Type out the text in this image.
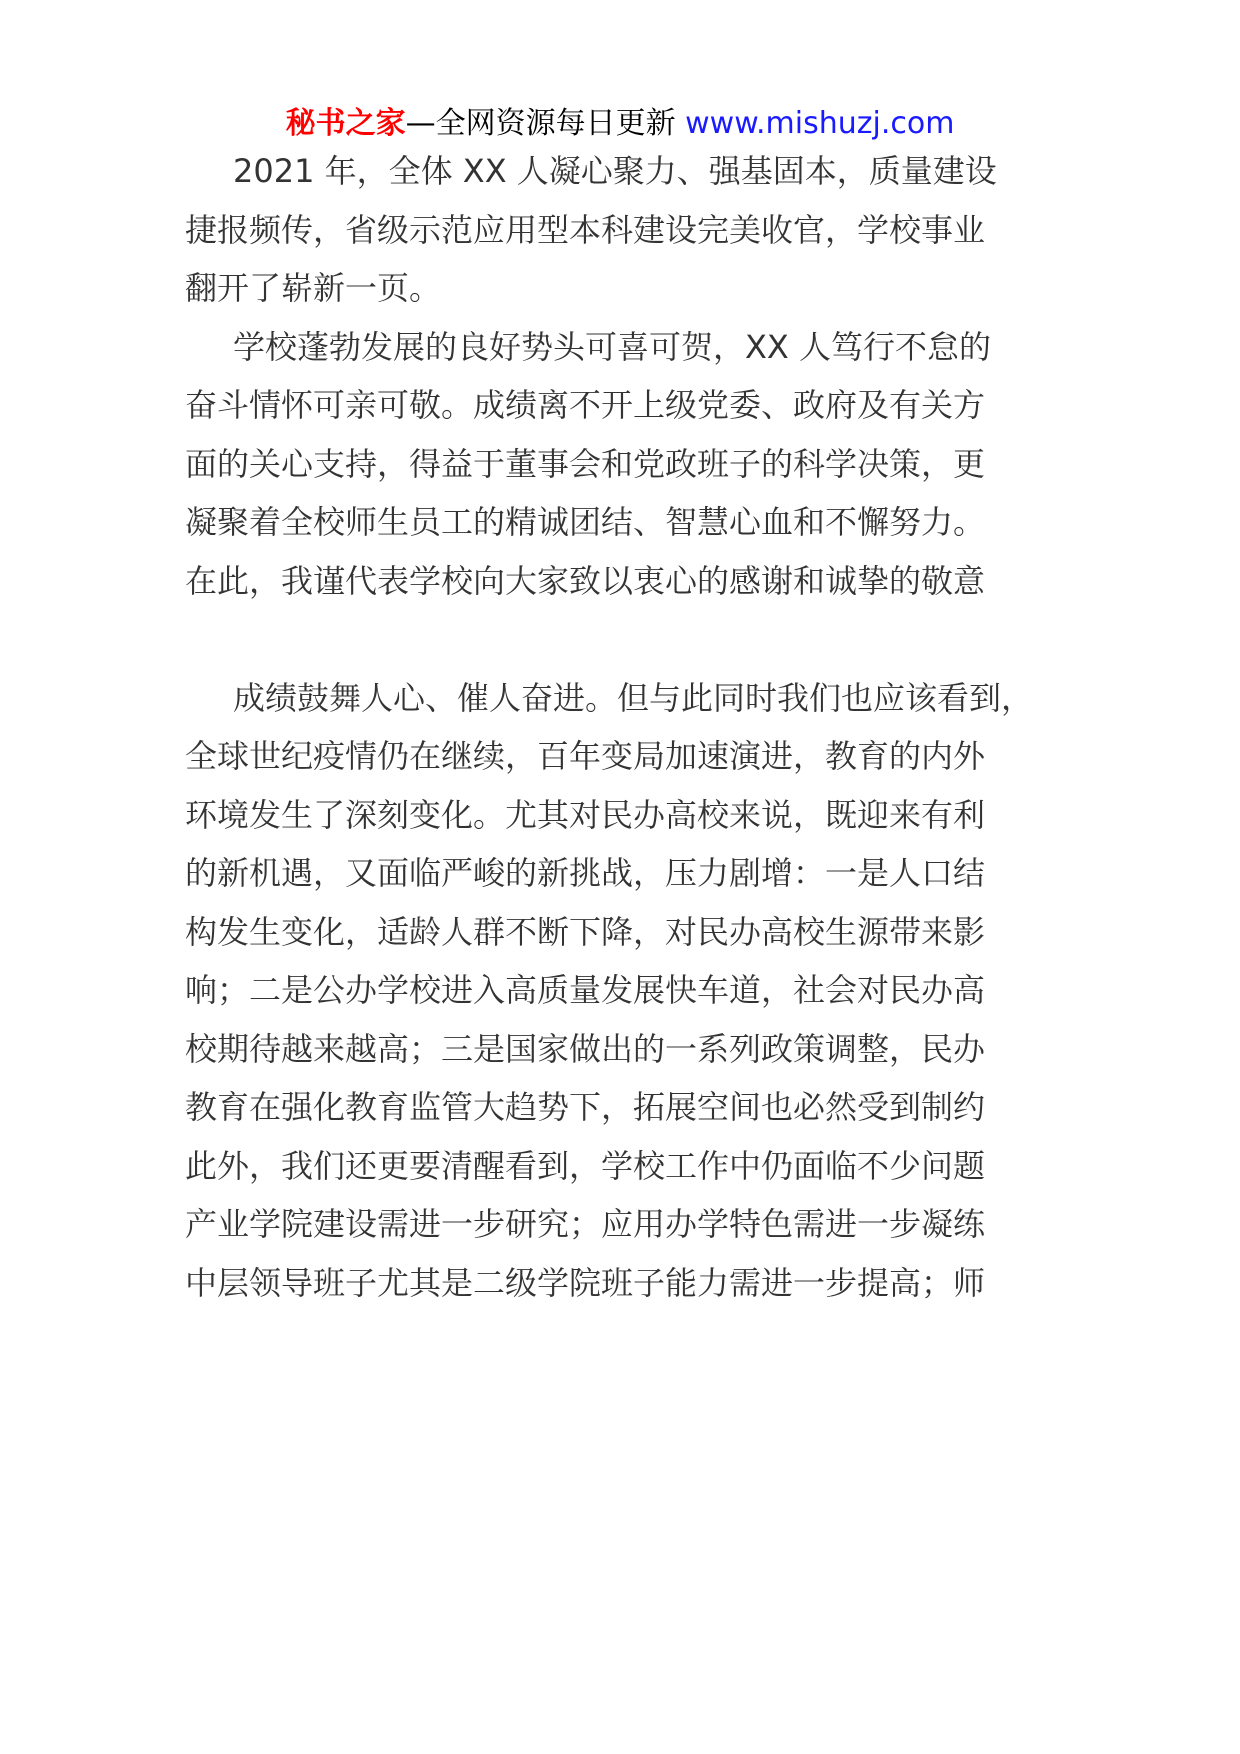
秘书之家—全网资源每日更新 www.mishuzj.com
2021 年，全体 XX 人凝心聚力、强基固本，质量建设
捷报频传，省级示范应用型本科建设完美收官，学校事业
翻开了崭新一页。
学校蓬勃发展的良好势头可喜可贺，XX 人笃行不怠的
奋斗情怀可亲可敬。成绩离不开上级党委、政府及有关方
面的关心支持，得益于董事会和党政班子的科学决策，更
凝聚着全校师生员工的精诚团结、智慧心血和不懈努力。
在此，我谨代表学校向大家致以衷心的感谢和诚挚的敬意
成绩鼓舞人心、催人奋进。但与此同时我们也应该看到，
全球世纪疫情仍在继续，百年变局加速演进，教育的内外
环境发生了深刻变化。尤其对民办高校来说，既迎来有利
的新机遇，又面临严峻的新挑战，压力剧增：一是人口结
构发生变化，适龄人群不断下降，对民办高校生源带来影
响；二是公办学校进入高质量发展快车道，社会对民办高
校期待越来越高；三是国家做出的一系列政策调整，民办
教育在强化教育监管大趋势下，拓展空间也必然受到制约
此外，我们还更要清醒看到，学校工作中仍面临不少问题
产业学院建设需进一步研究；应用办学特色需进一步凝练
中层领导班子尤其是二级学院班子能力需进一步提高；师
